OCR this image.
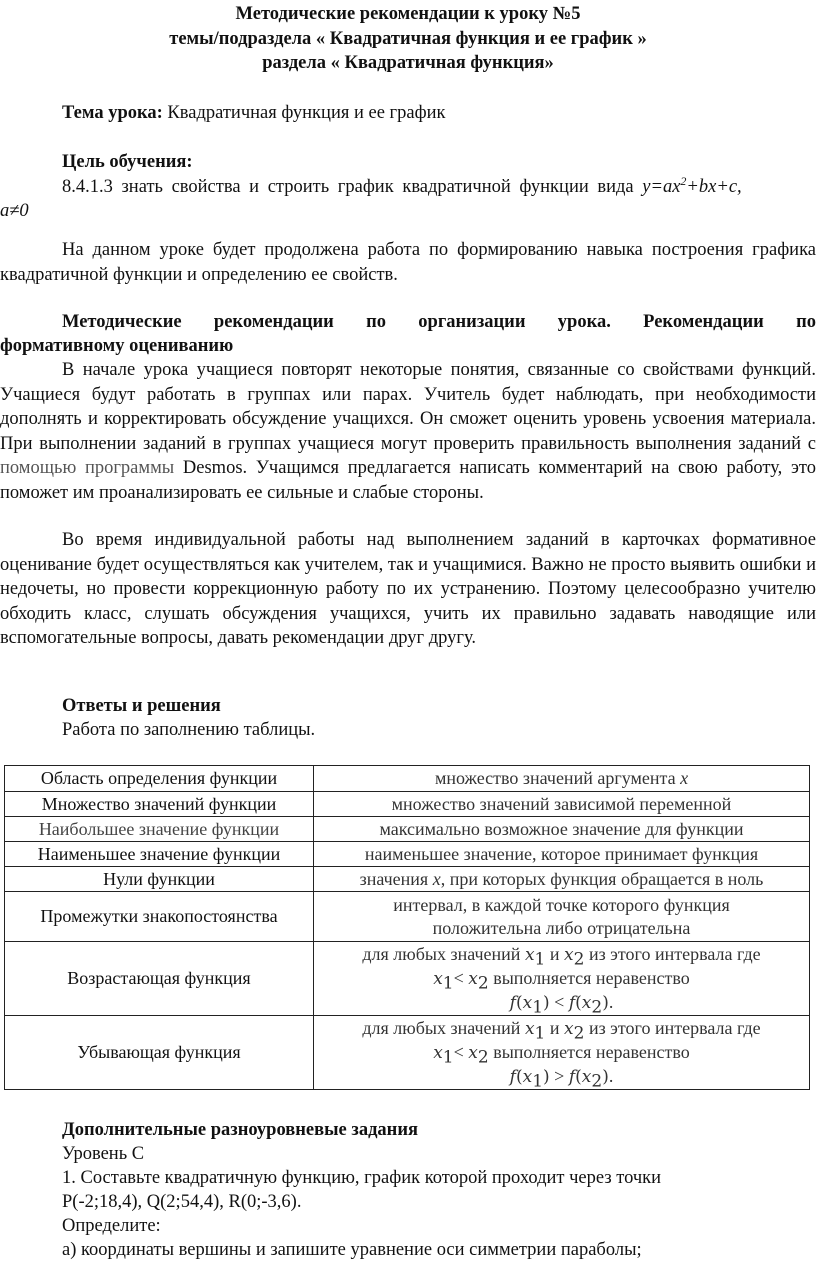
Методические рекомендации к уроку №5
темы/подраздела « Квадратичная функция и ее график »
раздела « Квадратичная функция»
Тема урока: Квадратичная функция и ее график
Цель обучения:
8.4.1.3 знать свойства и строить график квадратичной функции вида $y=ax^2+bx+c$,
a≠0
На данном уроке будет продолжена работа по формированию навыка построения графика квадратичной функции и определению ее свойств.
Методические рекомендации по организации урока. Рекомендации по
формативному оцениванию
В начале урока учащиеся повторят некоторые понятия, связанные со свойствами функций. Учащиеся будут работать в группах или парах. Учитель будет наблюдать, при необходимости дополнять и корректировать обсуждение учащихся. Он сможет оценить уровень усвоения материала. При выполнении заданий в группах учащиеся могут проверить правильность выполнения заданий с помощью программы Desmos. Учащимся предлагается написать комментарий на свою работу, это поможет им проанализировать ее сильные и слабые стороны.
Во время индивидуальной работы над выполнением заданий в карточках формативное оценивание будет осуществляться как учителем, так и учащимися. Важно не просто выявить ошибки и недочеты, но провести коррекционную работу по их устранению. Поэтому целесообразно учителю обходить класс, слушать обсуждения учащихся, учить их правильно задавать наводящие или вспомогательные вопросы, давать рекомендации друг другу.
Ответы и решения
Работа по заполнению таблицы.
Область определения функции	множество значений аргумента x
Множество значений функции	множество значений зависимой переменной
Наибольшее значение функции	максимально возможное значение для функции
Наименьшее значение функции	наименьшее значение, которое принимает функция
Нули функции	значения x, при которых функция обращается в ноль
Промежутки знакопостоянства	интервал, в каждой точке которого функция
положительна либо отрицательна

Возрастающая функция	для любых значений $x_1$ и $x_2$ из этого интервала где
$x_1< x_2$ выполняется неравенство
$f(x_1) < f(x_2)$.

Убывающая функция	для любых значений $x_1$ и $x_2$ из этого интервала где
$x_1< x_2$ выполняется неравенство
$f(x_1) > f(x_2)$.
Дополнительные разноуровневые задания
Уровень С
1. Составьте квадратичную функцию, график которой проходит через точки
P(-2;18,4), Q(2;54,4), R(0;-3,6).
Определите:
а) координаты вершины и запишите уравнение оси симметрии параболы;
